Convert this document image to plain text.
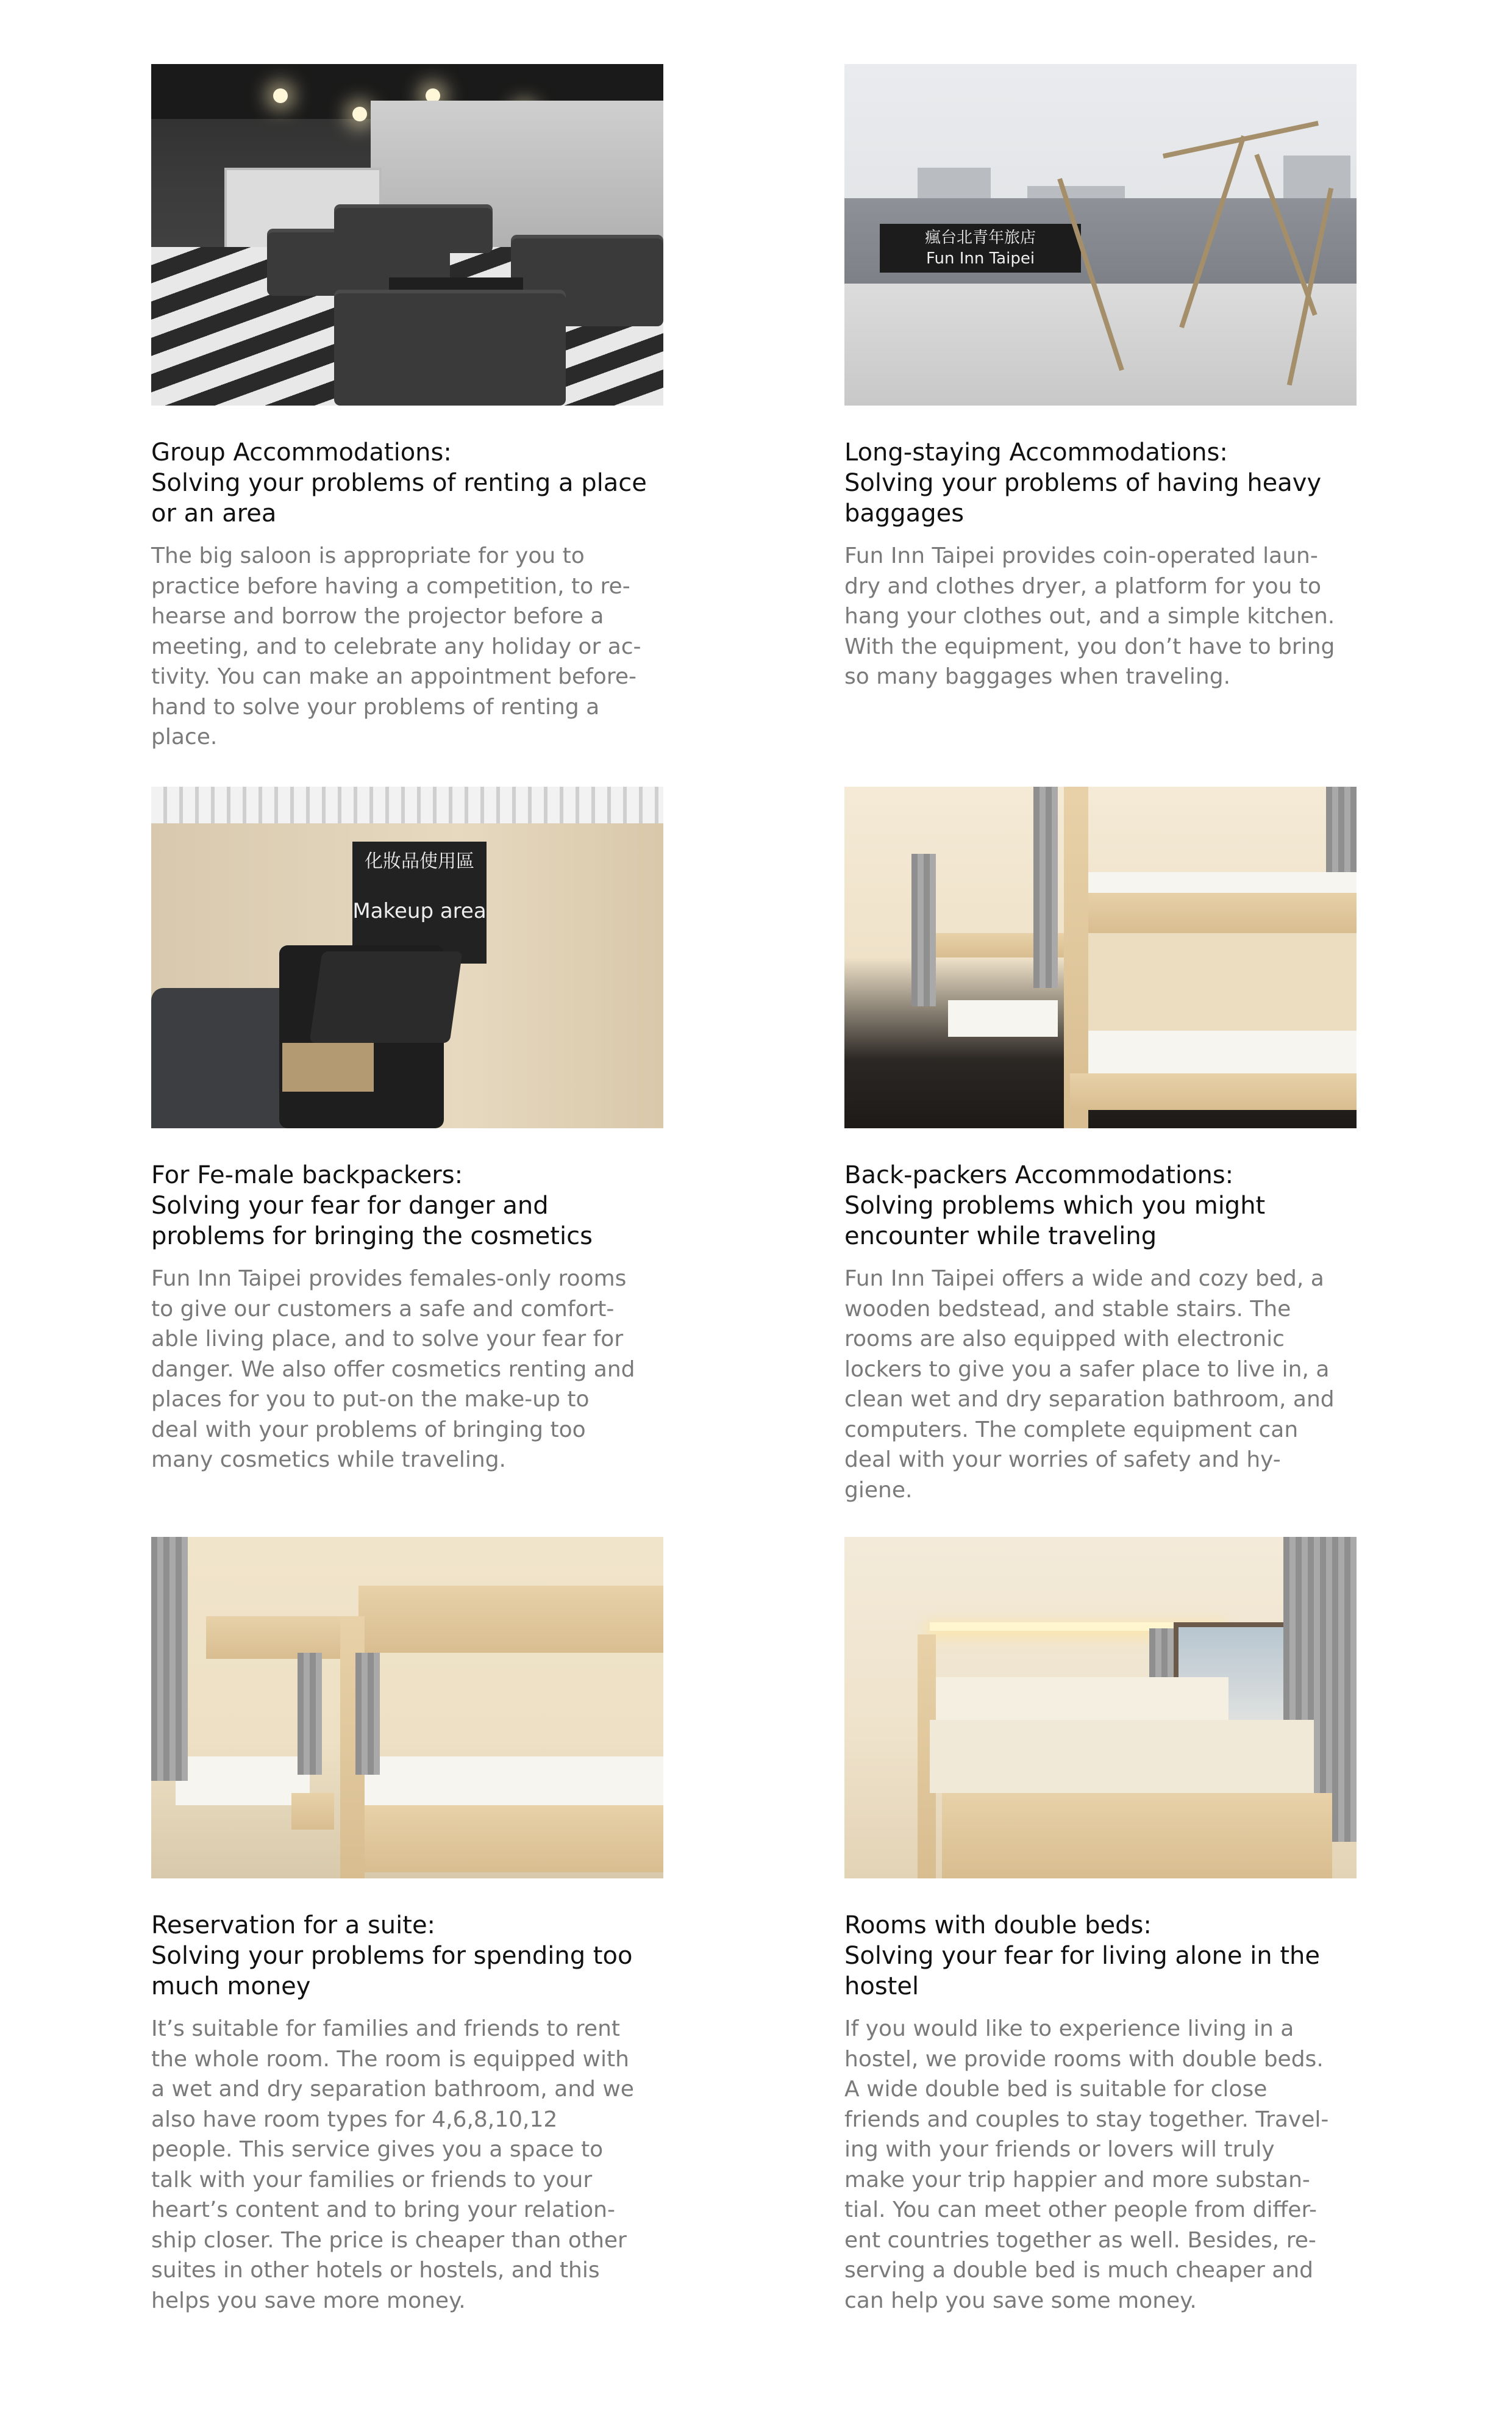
Group Accommodations:
Solving your problems of renting a place
or an area
The big saloon is appropriate for you to
practice before having a competition, to re-
hearse and borrow the projector before a
meeting, and to celebrate any holiday or ac-
tivity. You can make an appointment before-
hand to solve your problems of renting a
place.
瘋台北青年旅店
Fun Inn Taipei
Long-staying Accommodations:
Solving your problems of having heavy
baggages
Fun Inn Taipei provides coin-operated laun-
dry and clothes dryer, a platform for you to
hang your clothes out, and a simple kitchen.
With the equipment, you don’t have to bring
so many baggages when traveling.
化妝品使用區
Makeup area
For Fe-male backpackers:
Solving your fear for danger and
problems for bringing the cosmetics
Fun Inn Taipei provides females-only rooms
to give our customers a safe and comfort-
able living place, and to solve your fear for
danger. We also offer cosmetics renting and
places for you to put-on the make-up to
deal with your problems of bringing too
many cosmetics while traveling.
Back-packers Accommodations:
Solving problems which you might
encounter while traveling
Fun Inn Taipei offers a wide and cozy bed, a
wooden bedstead, and stable stairs. The
rooms are also equipped with electronic
lockers to give you a safer place to live in, a
clean wet and dry separation bathroom, and
computers. The complete equipment can
deal with your worries of safety and hy-
giene.
Reservation for a suite:
Solving your problems for spending too
much money
It’s suitable for families and friends to rent
the whole room. The room is equipped with
a wet and dry separation bathroom, and we
also have room types for 4,6,8,10,12
people. This service gives you a space to
talk with your families or friends to your
heart’s content and to bring your relation-
ship closer. The price is cheaper than other
suites in other hotels or hostels, and this
helps you save more money.
Rooms with double beds:
Solving your fear for living alone in the
hostel
If you would like to experience living in a
hostel, we provide rooms with double beds.
A wide double bed is suitable for close
friends and couples to stay together. Travel-
ing with your friends or lovers will truly
make your trip happier and more substan-
tial. You can meet other people from differ-
ent countries together as well. Besides, re-
serving a double bed is much cheaper and
can help you save some money.
